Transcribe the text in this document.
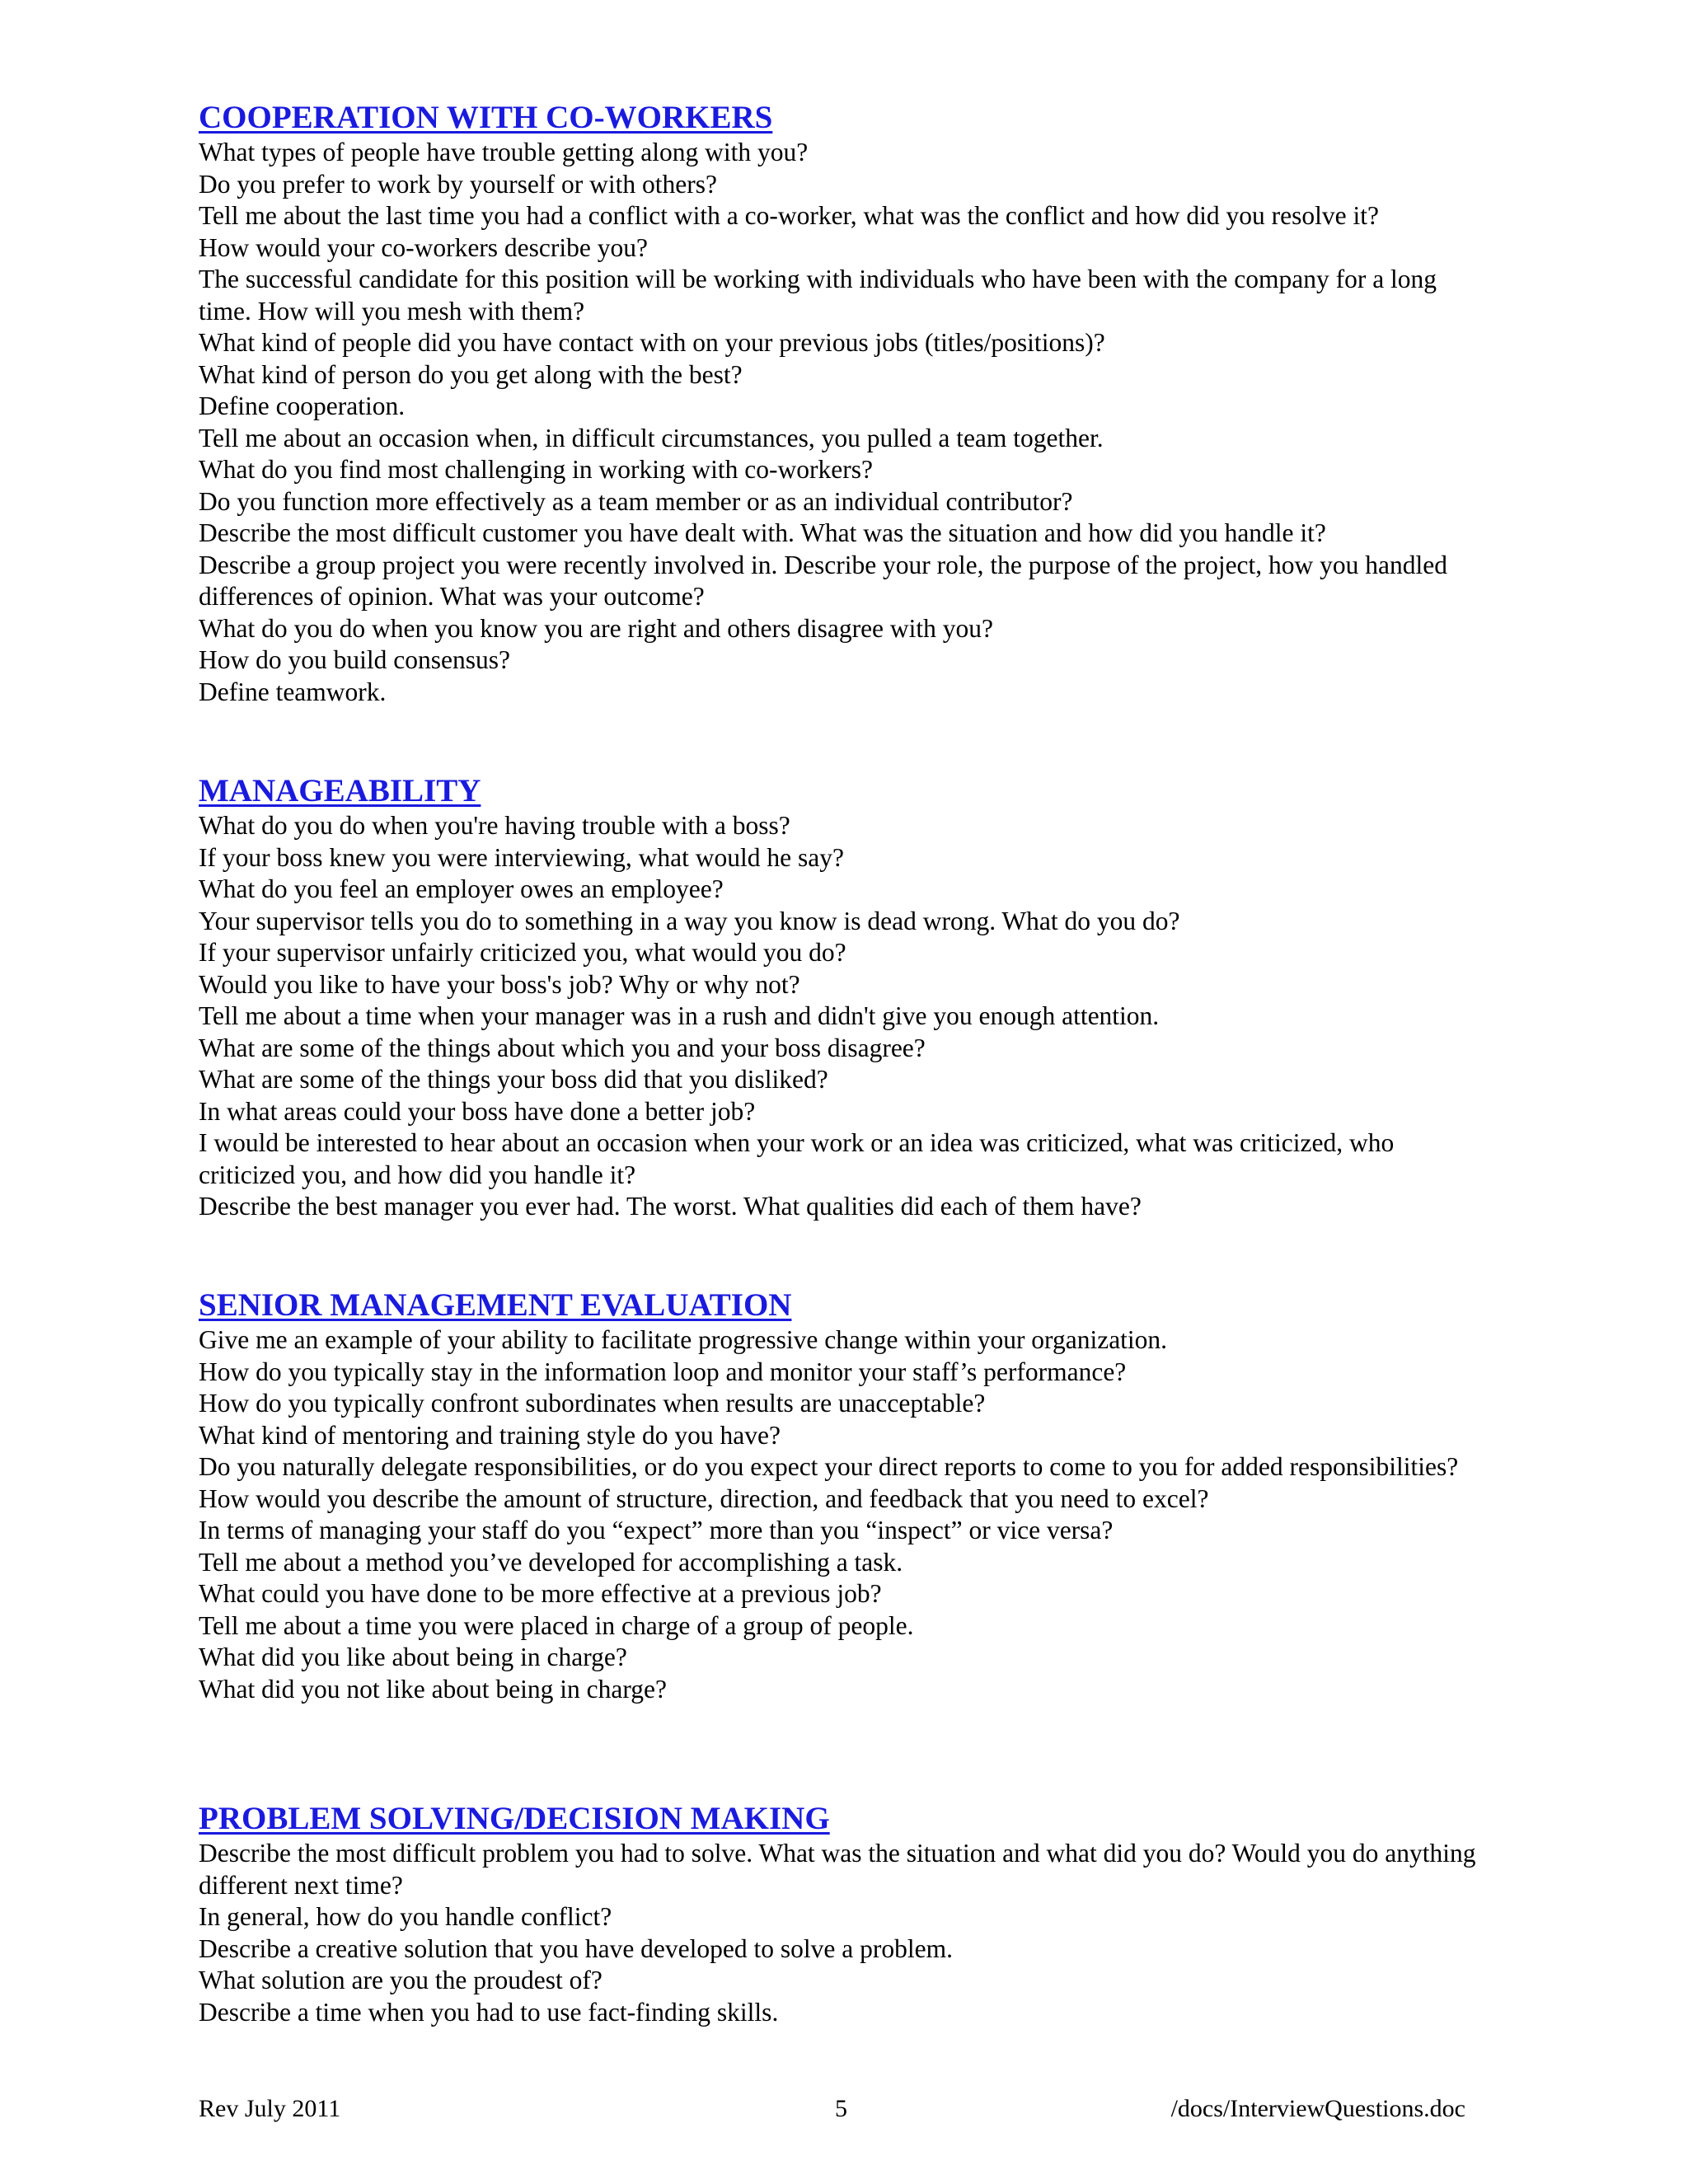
COOPERATION WITH CO-WORKERS
What types of people have trouble getting along with you?
Do you prefer to work by yourself or with others?
Tell me about the last time you had a conflict with a co-worker, what was the conflict and how did you resolve it?
How would your co-workers describe you?
The successful candidate for this position will be working with individuals who have been with the company for a long time. How will you mesh with them?
What kind of people did you have contact with on your previous jobs (titles/positions)?
What kind of person do you get along with the best?
Define cooperation.
Tell me about an occasion when, in difficult circumstances, you pulled a team together.
What do you find most challenging in working with co-workers?
Do you function more effectively as a team member or as an individual contributor?
Describe the most difficult customer you have dealt with. What was the situation and how did you handle it?
Describe a group project you were recently involved in. Describe your role, the purpose of the project, how you handled differences of opinion. What was your outcome?
What do you do when you know you are right and others disagree with you?
How do you build consensus?
Define teamwork.
MANAGEABILITY
What do you do when you're having trouble with a boss?
If your boss knew you were interviewing, what would he say?
What do you feel an employer owes an employee?
Your supervisor tells you do to something in a way you know is dead wrong. What do you do?
If your supervisor unfairly criticized you, what would you do?
Would you like to have your boss's job? Why or why not?
Tell me about a time when your manager was in a rush and didn't give you enough attention.
What are some of the things about which you and your boss disagree?
What are some of the things your boss did that you disliked?
In what areas could your boss have done a better job?
I would be interested to hear about an occasion when your work or an idea was criticized, what was criticized, who criticized you, and how did you handle it?
Describe the best manager you ever had. The worst. What qualities did each of them have?
SENIOR MANAGEMENT EVALUATION
Give me an example of your ability to facilitate progressive change within your organization.
How do you typically stay in the information loop and monitor your staff’s performance?
How do you typically confront subordinates when results are unacceptable?
What kind of mentoring and training style do you have?
Do you naturally delegate responsibilities, or do you expect your direct reports to come to you for added responsibilities?
How would you describe the amount of structure, direction, and feedback that you need to excel?
In terms of managing your staff do you “expect” more than you “inspect” or vice versa?
Tell me about a method you’ve developed for accomplishing a task.
What could you have done to be more effective at a previous job?
Tell me about a time you were placed in charge of a group of people.
What did you like about being in charge?
What did you not like about being in charge?
PROBLEM SOLVING/DECISION MAKING
Describe the most difficult problem you had to solve. What was the situation and what did you do? Would you do anything different next time?
In general, how do you handle conflict?
Describe a creative solution that you have developed to solve a problem.
What solution are you the proudest of?
Describe a time when you had to use fact-finding skills.
Rev July 2011	5	/docs/InterviewQuestions.doc
